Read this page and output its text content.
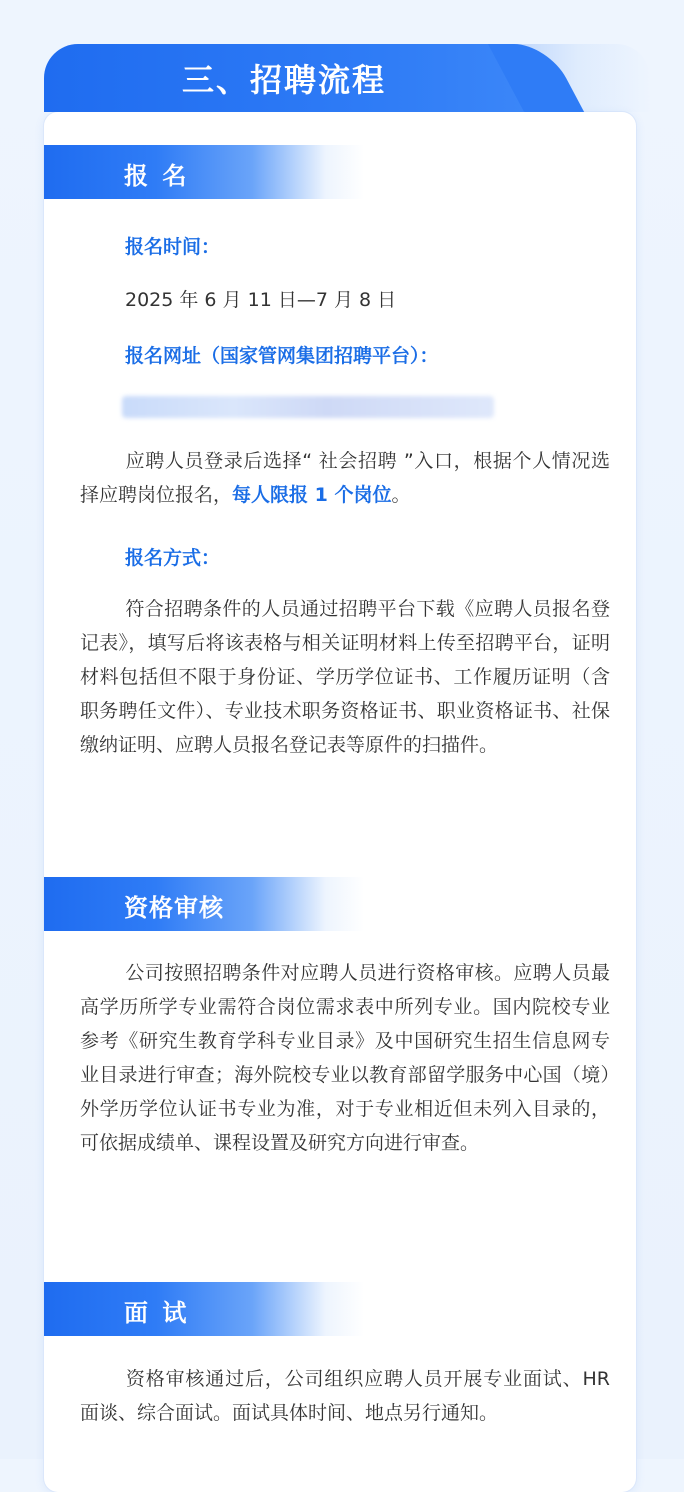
三、招聘流程
报 名
报名时间：
2025 年 6 月 11 日—7 月 8 日
报名网址（国家管网集团招聘平台）：
应聘人员登录后选择“ 社会招聘 ”入口，根据个人情况选择应聘岗位报名，每人限报 1 个岗位。
报名方式：
符合招聘条件的人员通过招聘平台下载《应聘人员报名登记表》，填写后将该表格与相关证明材料上传至招聘平台，证明材料包括但不限于身份证、学历学位证书、工作履历证明（含职务聘任文件）、专业技术职务资格证书、职业资格证书、社保缴纳证明、应聘人员报名登记表等原件的扫描件。
资格审核
公司按照招聘条件对应聘人员进行资格审核。应聘人员最高学历所学专业需符合岗位需求表中所列专业。国内院校专业参考《研究生教育学科专业目录》及中国研究生招生信息网专业目录进行审查；海外院校专业以教育部留学服务中心国（境）外学历学位认证书专业为准，对于专业相近但未列入目录的，可依据成绩单、课程设置及研究方向进行审查。
面 试
资格审核通过后，公司组织应聘人员开展专业面试、HR 面谈、综合面试。面试具体时间、地点另行通知。
